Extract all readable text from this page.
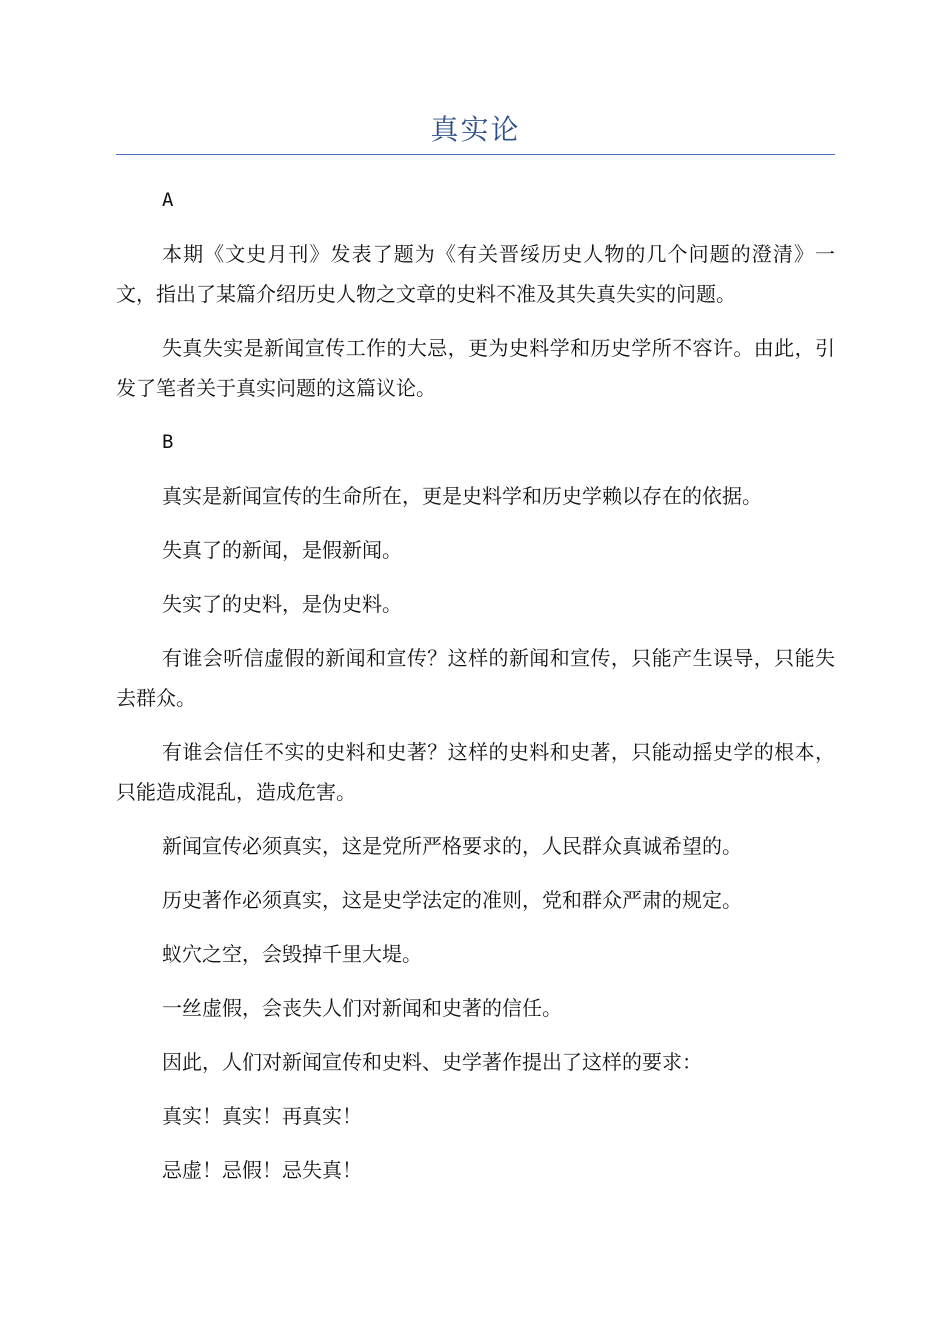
真实论

A

本期《文史月刊》发表了题为《有关晋绥历史人物的几个问题的澄清》一文，指出了某篇介绍历史人物之文章的史料不准及其失真失实的问题。

失真失实是新闻宣传工作的大忌，更为史料学和历史学所不容许。由此，引发了笔者关于真实问题的这篇议论。

B

真实是新闻宣传的生命所在，更是史料学和历史学赖以存在的依据。

失真了的新闻，是假新闻。

失实了的史料，是伪史料。

有谁会听信虚假的新闻和宣传？这样的新闻和宣传，只能产生误导，只能失去群众。

有谁会信任不实的史料和史著？这样的史料和史著，只能动摇史学的根本，只能造成混乱，造成危害。

新闻宣传必须真实，这是党所严格要求的，人民群众真诚希望的。

历史著作必须真实，这是史学法定的准则，党和群众严肃的规定。

蚁穴之空，会毁掉千里大堤。

一丝虚假，会丧失人们对新闻和史著的信任。

因此，人们对新闻宣传和史料、史学著作提出了这样的要求：

真实！真实！再真实！

忌虚！忌假！忌失真！
